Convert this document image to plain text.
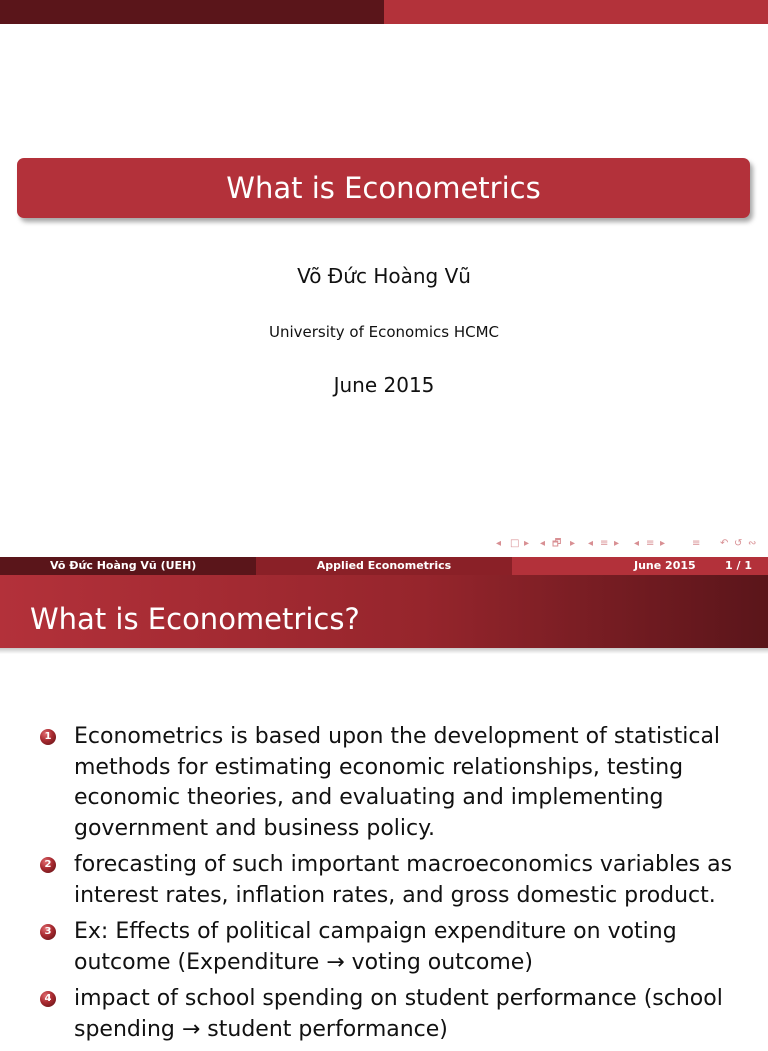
What is Econometrics
Võ Đức Hoàng Vũ
University of Economics HCMC
June 2015
◂ □ ▸ ◂ 🗗 ▸ ◂ ≡ ▸ ◂ ≡ ▸	≡ ↶ ↺ ∾
Võ Đức Hoàng Vũ (UEH)	Applied Econometrics	June 2015	1 / 1
What is Econometrics?
1 Econometrics is based upon the development of statistical methods for estimating economic relationships, testing economic theories, and evaluating and implementing government and business policy.
2 forecasting of such important macroeconomics variables as interest rates, inflation rates, and gross domestic product.
3 Ex: Effects of political campaign expenditure on voting outcome (Expenditure → voting outcome)
4 impact of school spending on student performance (school spending → student performance)
